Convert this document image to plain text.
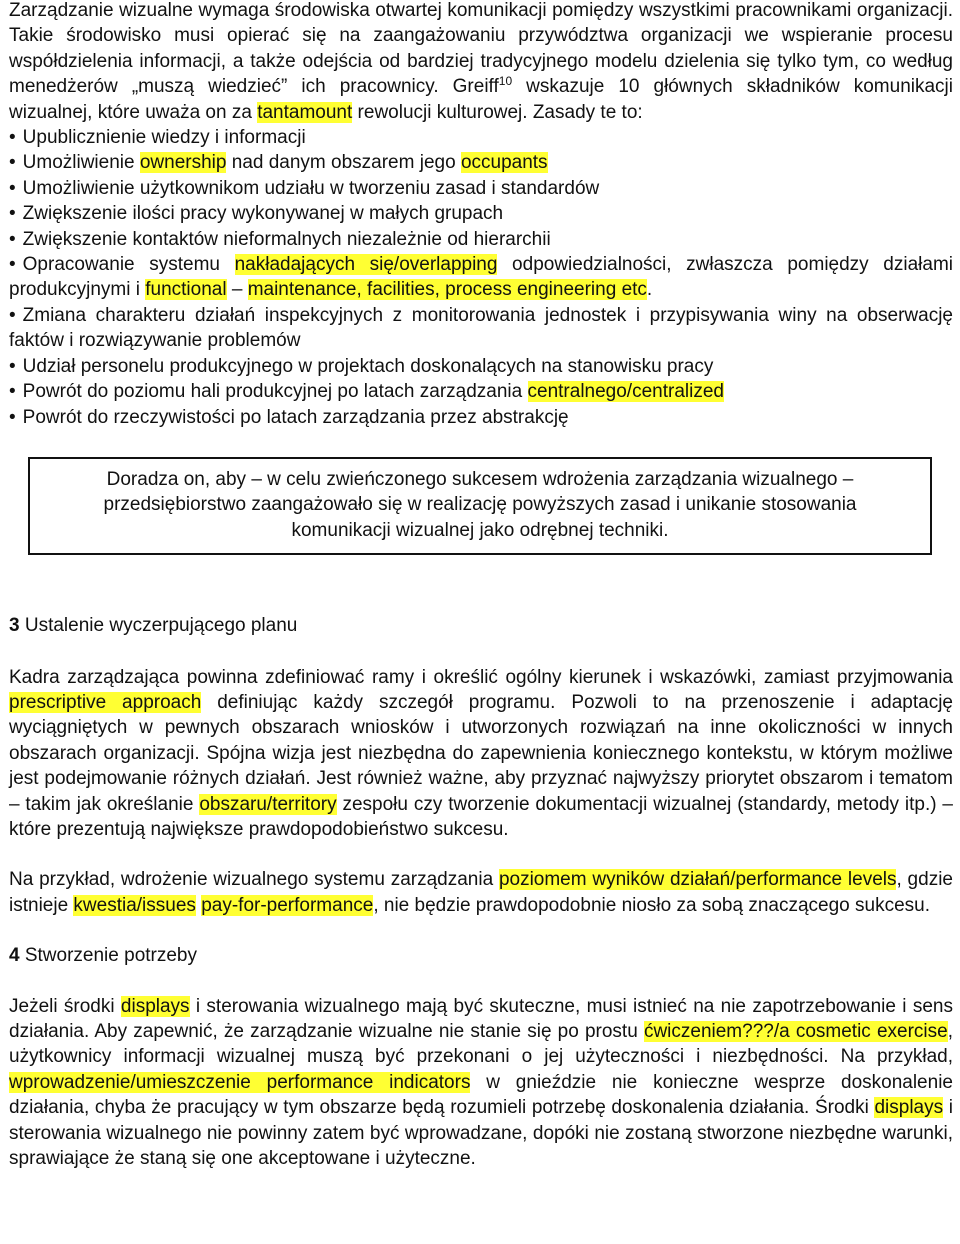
Zarządzanie wizualne wymaga środowiska otwartej komunikacji pomiędzy wszystkimi pracownikami organizacji. Takie środowisko musi opierać się na zaangażowaniu przywództwa organizacji we wspieranie procesu współdzielenia informacji, a także odejścia od bardziej tradycyjnego modelu dzielenia się tylko tym, co według menedżerów „muszą wiedzieć” ich pracownicy. Greiff$^{10}$ wskazuje 10 głównych składników komunikacji wizualnej, które uważa on za tantamount rewolucji kulturowej. Zasady te to:

• Upublicznienie wiedzy i informacji
• Umożliwienie ownership nad danym obszarem jego occupants
• Umożliwienie użytkownikom udziału w tworzeniu zasad i standardów
• Zwiększenie ilości pracy wykonywanej w małych grupach
• Zwiększenie kontaktów nieformalnych niezależnie od hierarchii
• Opracowanie systemu nakładających się/overlapping odpowiedzialności, zwłaszcza pomiędzy działami produkcyjnymi i functional – maintenance, facilities, process engineering etc.
• Zmiana charakteru działań inspekcyjnych z monitorowania jednostek i przypisywania winy na obserwację faktów i rozwiązywanie problemów
• Udział personelu produkcyjnego w projektach doskonalących na stanowisku pracy
• Powrót do poziomu hali produkcyjnej po latach zarządzania centralnego/centralized
• Powrót do rzeczywistości po latach zarządzania przez abstrakcję
Doradza on, aby – w celu zwieńczonego sukcesem wdrożenia zarządzania wizualnego – przedsiębiorstwo zaangażowało się w realizację powyższych zasad i unikanie stosowania komunikacji wizualnej jako odrębnej techniki.

3 Ustalenie wyczerpującego planu

Kadra zarządzająca powinna zdefiniować ramy i określić ogólny kierunek i wskazówki, zamiast przyjmowania prescriptive approach definiując każdy szczegół programu. Pozwoli to na przenoszenie i adaptację wyciągniętych w pewnych obszarach wniosków i utworzonych rozwiązań na inne okoliczności w innych obszarach organizacji. Spójna wizja jest niezbędna do zapewnienia koniecznego kontekstu, w którym możliwe jest podejmowanie różnych działań. Jest również ważne, aby przyznać najwyższy priorytet obszarom i tematom – takim jak określanie obszaru/territory zespołu czy tworzenie dokumentacji wizualnej (standardy, metody itp.) – które prezentują największe prawdopodobieństwo sukcesu.

Na przykład, wdrożenie wizualnego systemu zarządzania poziomem wyników działań/performance levels, gdzie istnieje kwestia/issues pay-for-performance, nie będzie prawdopodobnie niosło za sobą znaczącego sukcesu.

4 Stworzenie potrzeby

Jeżeli środki displays i sterowania wizualnego mają być skuteczne, musi istnieć na nie zapotrzebowanie i sens działania. Aby zapewnić, że zarządzanie wizualne nie stanie się po prostu ćwiczeniem???/a cosmetic exercise, użytkownicy informacji wizualnej muszą być przekonani o jej użyteczności i niezbędności. Na przykład, wprowadzenie/umieszczenie performance indicators w gnieździe nie konieczne wesprze doskonalenie działania, chyba że pracujący w tym obszarze będą rozumieli potrzebę doskonalenia działania. Środki displays i sterowania wizualnego nie powinny zatem być wprowadzane, dopóki nie zostaną stworzone niezbędne warunki, sprawiające że staną się one akceptowane i użyteczne.
